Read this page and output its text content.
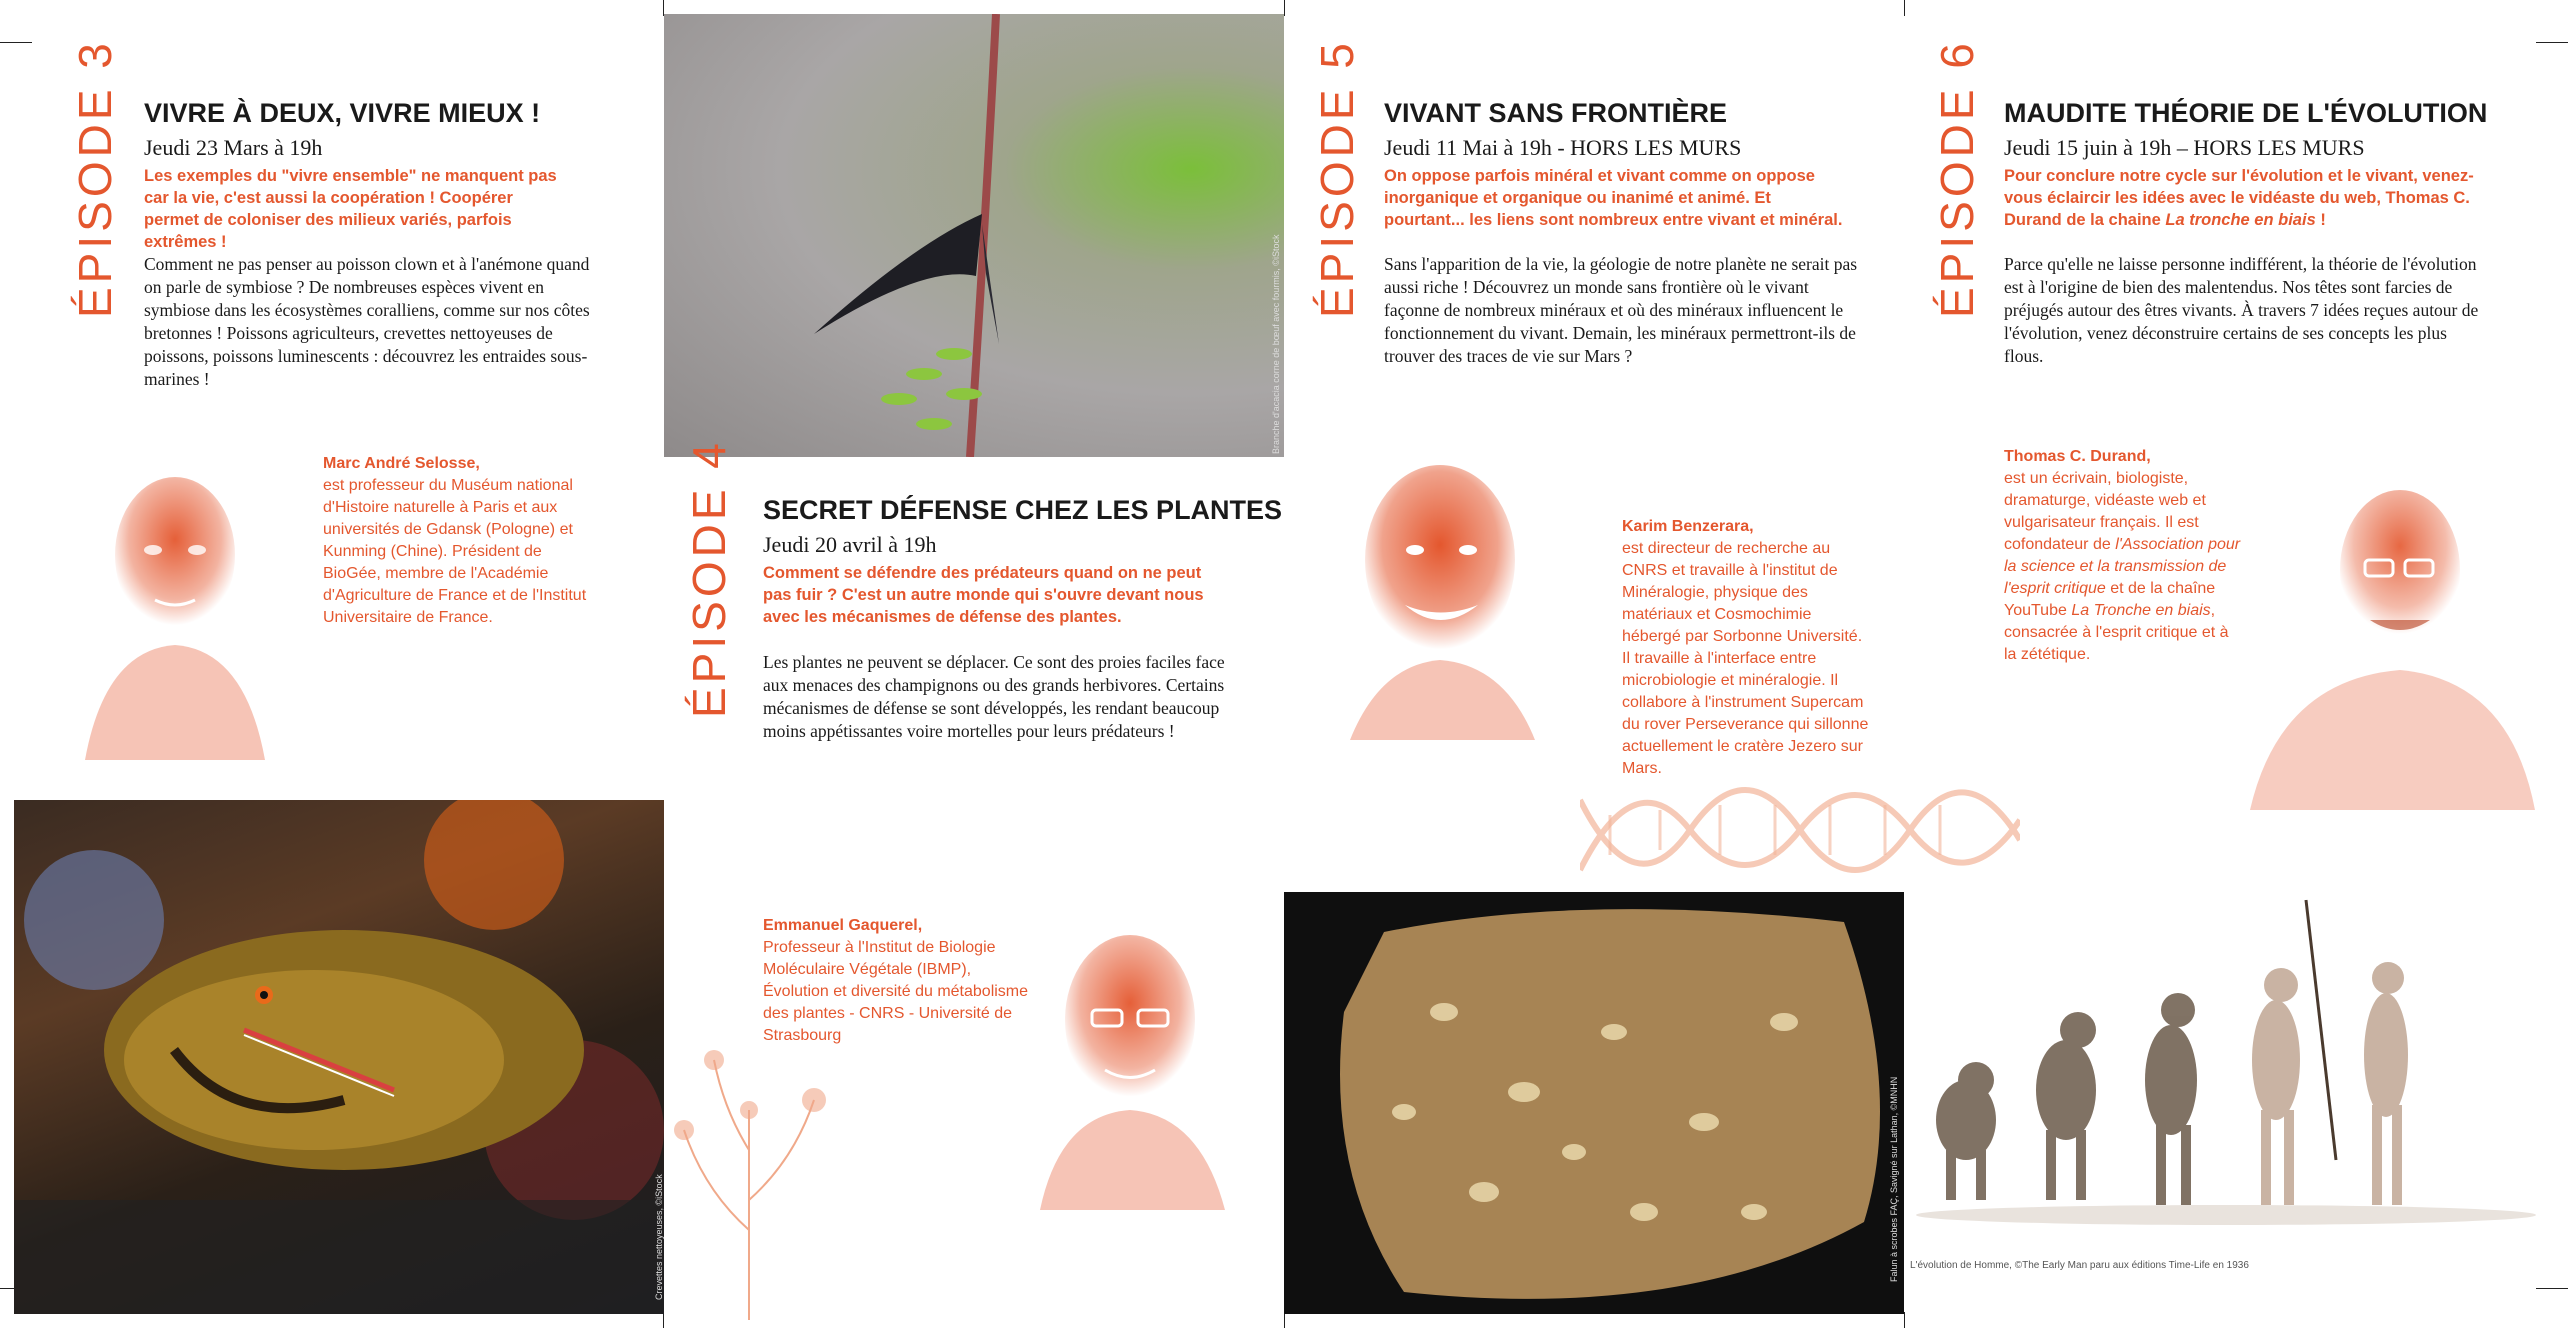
ÉPISODE 3 VIVRE À DEUX, VIVRE MIEUX !
Jeudi 23 Mars à 19h
Les exemples du "vivre ensemble" ne manquent pas car la vie, c'est aussi la coopération ! Coopérer permet de coloniser des milieux variés, parfois extrêmes !
Comment ne pas penser au poisson clown et à l'anémone quand on parle de symbiose ? De nombreuses espèces vivent en symbiose dans les écosystèmes coralliens, comme sur nos côtes bretonnes ! Poissons agriculteurs, crevettes nettoyeuses de poissons, poissons luminescents : découvrez les entraides sous-marines !
Marc André Selosse,
est professeur du Muséum national d'Histoire naturelle à Paris et aux universités de Gdansk (Pologne) et Kunming (Chine). Président de BioGée, membre de l'Académie d'Agriculture de France et de l'Institut Universitaire de France.
Crevettes nettoyeuses, ©iStock
Branche d'acacia corne de bœuf avec fourmis, ©iStock
ÉPISODE 4 SECRET DÉFENSE CHEZ LES PLANTES
Jeudi 20 avril à 19h
Comment se défendre des prédateurs quand on ne peut pas fuir ? C'est un autre monde qui s'ouvre devant nous avec les mécanismes de défense des plantes.
Les plantes ne peuvent se déplacer. Ce sont des proies faciles face aux menaces des champignons ou des grands herbivores. Certains mécanismes de défense se sont développés, les rendant beaucoup moins appétissantes voire mortelles pour leurs prédateurs !
Emmanuel Gaquerel,
Professeur à l'Institut de Biologie Moléculaire Végétale (IBMP), Évolution et diversité du métabolisme des plantes - CNRS - Université de Strasbourg
ÉPISODE 5 VIVANT SANS FRONTIÈRE
Jeudi 11 Mai à 19h - HORS LES MURS
On oppose parfois minéral et vivant comme on oppose inorganique et organique ou inanimé et animé. Et pourtant... les liens sont nombreux entre vivant et minéral.
Sans l'apparition de la vie, la géologie de notre planète ne serait pas aussi riche ! Découvrez un monde sans frontière où le vivant façonne de nombreux minéraux et où des minéraux influencent le fonctionnement du vivant. Demain, les minéraux permettront-ils de trouver des traces de vie sur Mars ?
Karim Benzerara,
est directeur de recherche au CNRS et travaille à l'institut de Minéralogie, physique des matériaux et Cosmochimie hébergé par Sorbonne Université. Il travaille à l'interface entre microbiologie et minéralogie. Il collabore à l'instrument Supercam du rover Perseverance qui sillonne actuellement le cratère Jezero sur Mars.
Falun à scrobes FAÇ, Savigné sur Lathan, ©MNHN
ÉPISODE 6 MAUDITE THÉORIE DE L'ÉVOLUTION
Jeudi 15 juin à 19h – HORS LES MURS
Pour conclure notre cycle sur l'évolution et le vivant, venez-vous éclaircir les idées avec le vidéaste du web, Thomas C. Durand de la chaine La tronche en biais !
Parce qu'elle ne laisse personne indifférent, la théorie de l'évolution est à l'origine de bien des malentendus. Nos têtes sont farcies de préjugés autour des êtres vivants. À travers 7 idées reçues autour de l'évolution, venez déconstruire certains de ses concepts les plus flous.
Thomas C. Durand,
est un écrivain, biologiste, dramaturge, vidéaste web et vulgarisateur français. Il est cofondateur de l'Association pour la science et la transmission de l'esprit critique et de la chaîne YouTube La Tronche en biais, consacrée à l'esprit critique et à la zététique.
L'évolution de Homme, ©The Early Man paru aux éditions Time-Life en 1936
